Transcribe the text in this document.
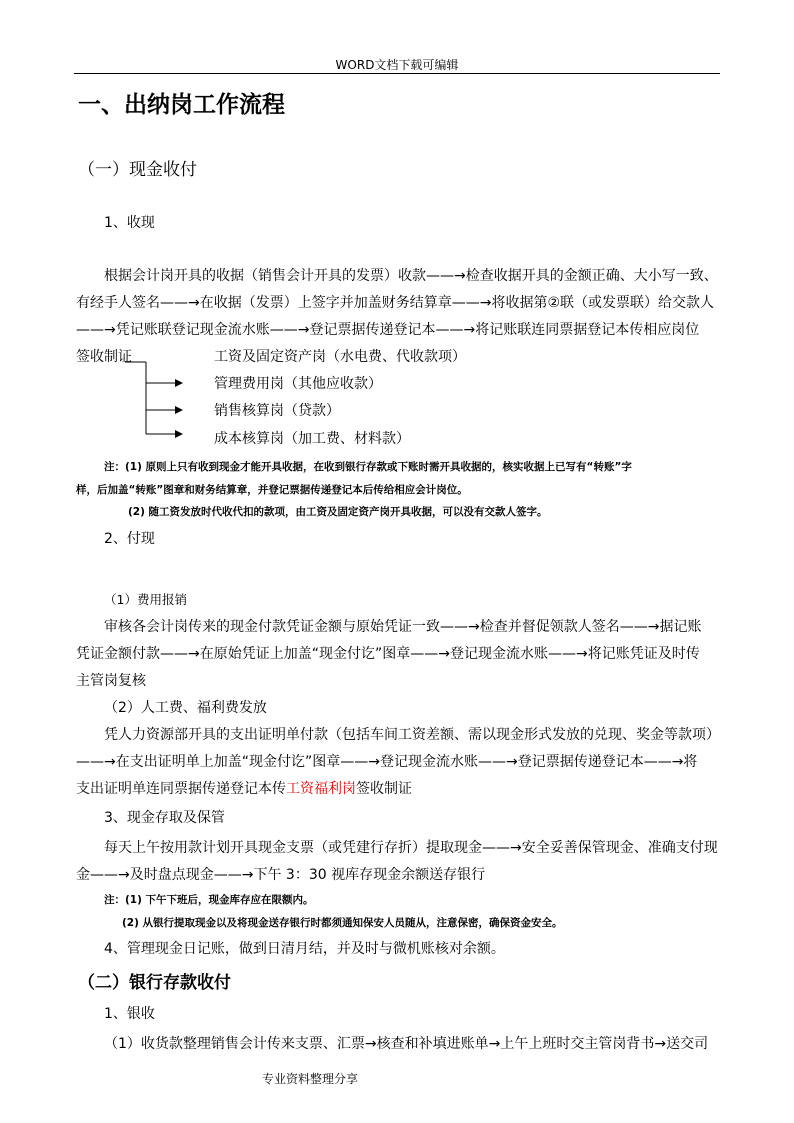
WORD文档下载可编辑
一、出纳岗工作流程
（一）现金收付
1、收现
根据会计岗开具的收据（销售会计开具的发票）收款——→检查收据开具的金额正确、大小写一致、
有经手人签名——→在收据（发票）上签字并加盖财务结算章——→将收据第②联（或发票联）给交款人
——→凭记账联登记现金流水账——→登记票据传递登记本——→将记账联连同票据登记本传相应岗位
签收制证	工资及固定资产岗（水电费、代收款项）
管理费用岗（其他应收款）
销售核算岗（贷款）
成本核算岗（加工费、材料款）
注：(1) 原则上只有收到现金才能开具收据，在收到银行存款或下账时需开具收据的，核实收据上已写有“转账”字
样，后加盖“转账”图章和财务结算章，并登记票据传递登记本后传给相应会计岗位。
(2) 随工资发放时代收代扣的款项，由工资及固定资产岗开具收据，可以没有交款人签字。
2、付现
（1）费用报销
审核各会计岗传来的现金付款凭证金额与原始凭证一致——→检查并督促领款人签名——→据记账
凭证金额付款——→在原始凭证上加盖“现金付讫”图章——→登记现金流水账——→将记账凭证及时传
主管岗复核
（2）人工费、福利费发放
凭人力资源部开具的支出证明单付款（包括车间工资差额、需以现金形式发放的兑现、奖金等款项）
——→在支出证明单上加盖“现金付讫”图章——→登记现金流水账——→登记票据传递登记本——→将
支出证明单连同票据传递登记本传工资福利岗签收制证
3、现金存取及保管
每天上午按用款计划开具现金支票（或凭建行存折）提取现金——→安全妥善保管现金、准确支付现
金——→及时盘点现金——→下午 3：30 视库存现金余额送存银行
注：(1) 下午下班后，现金库存应在限额内。
(2) 从银行提取现金以及将现金送存银行时都须通知保安人员随从，注意保密，确保资金安全。
4、管理现金日记账，做到日清月结，并及时与微机账核对余额。
（二）银行存款收付
1、银收
（1）收货款整理销售会计传来支票、汇票→核查和补填进账单→上午上班时交主管岗背书→送交司
专业资料整理分享
